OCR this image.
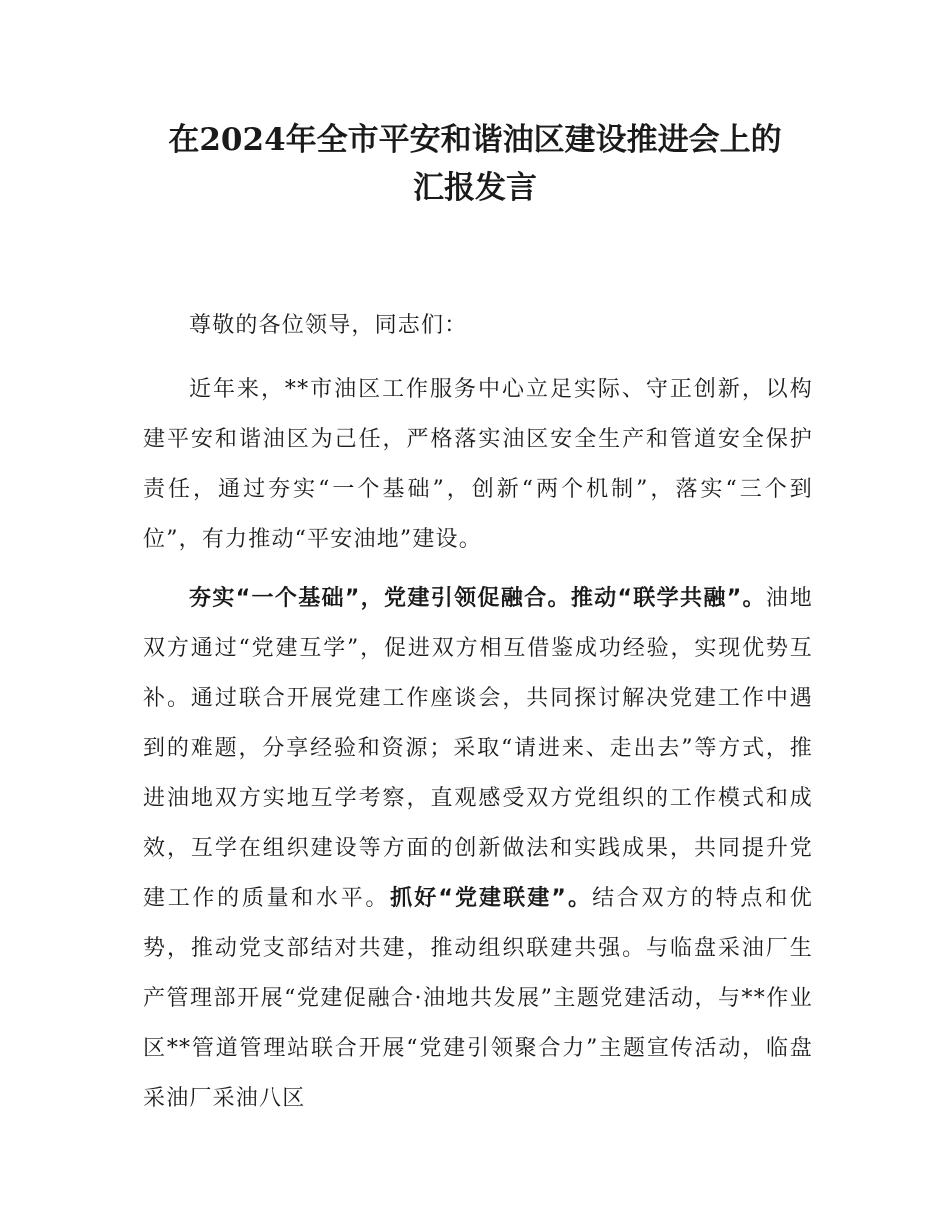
在2024年全市平安和谐油区建设推进会上的
汇报发言

尊敬的各位领导，同志们：

近年来，**市油区工作服务中心立足实际、守正创新，以构建平安和谐油区为己任，严格落实油区安全生产和管道安全保护责任，通过夯实“一个基础”，创新“两个机制”，落实“三个到位”，有力推动“平安油地”建设。

夯实“一个基础”，党建引领促融合。推动“联学共融”。油地双方通过“党建互学”，促进双方相互借鉴成功经验，实现优势互补。通过联合开展党建工作座谈会，共同探讨解决党建工作中遇到的难题，分享经验和资源；采取“请进来、走出去”等方式，推进油地双方实地互学考察，直观感受双方党组织的工作模式和成效，互学在组织建设等方面的创新做法和实践成果，共同提升党建工作的质量和水平。抓好“党建联建”。结合双方的特点和优势，推动党支部结对共建，推动组织联建共强。与临盘采油厂生产管理部开展“党建促融合·油地共发展”主题党建活动，与**作业区**管道管理站联合开展“党建引领聚合力”主题宣传活动，临盘采油厂采油八区
